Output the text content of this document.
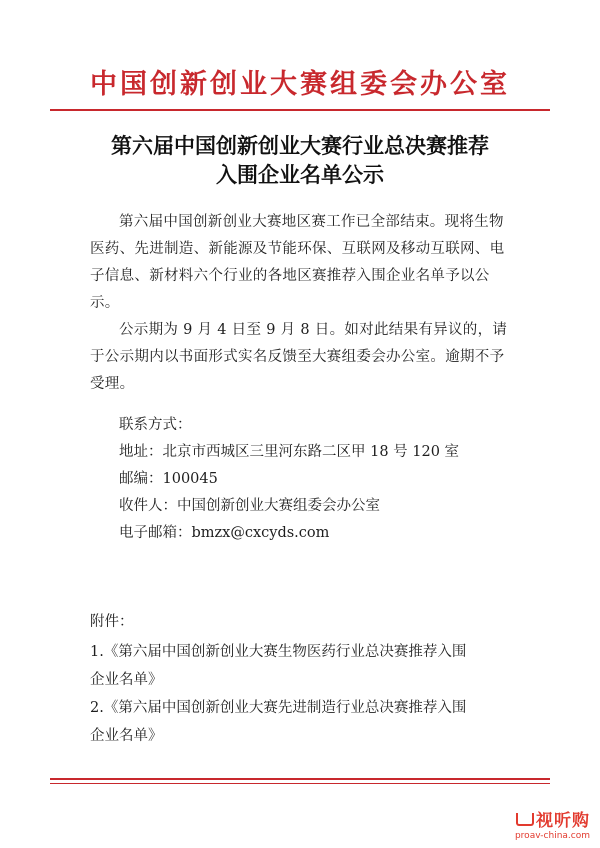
中国创新创业大赛组委会办公室
第六届中国创新创业大赛行业总决赛推荐
入围企业名单公示

第六届中国创新创业大赛地区赛工作已全部结束。现将生物医药、先进制造、新能源及节能环保、互联网及移动互联网、电子信息、新材料六个行业的各地区赛推荐入围企业名单予以公示。

公示期为 9 月 4 日至 9 月 8 日。如对此结果有异议的，请于公示期内以书面形式实名反馈至大赛组委会办公室。逾期不予受理。

联系方式：
地址：北京市西城区三里河东路二区甲 18 号 120 室
邮编：100045
收件人：中国创新创业大赛组委会办公室
电子邮箱：bmzx@cxcyds.com
附件：
1.《第六届中国创新创业大赛生物医药行业总决赛推荐入围
企业名单》
2.《第六届中国创新创业大赛先进制造行业总决赛推荐入围
企业名单》
视听购
proav-china.com
